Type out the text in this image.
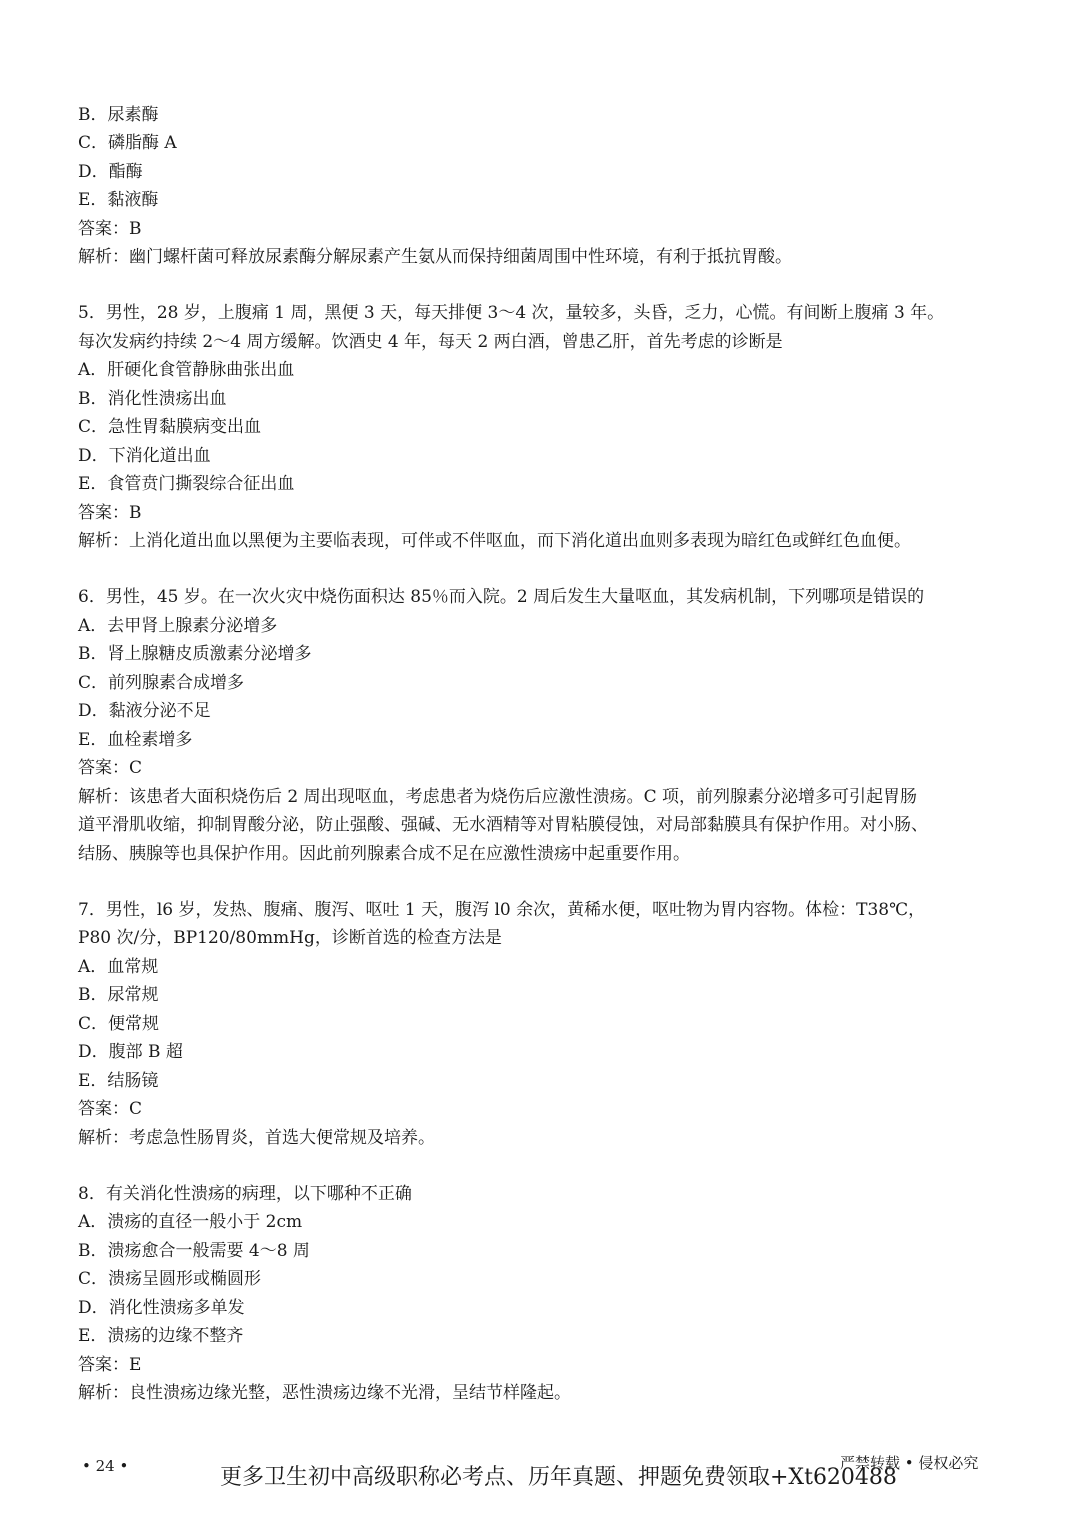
B．尿素酶
C．磷脂酶 A
D．酯酶
E．黏液酶
答案：B
解析：幽门螺杆菌可释放尿素酶分解尿素产生氨从而保持细菌周围中性环境，有利于抵抗胃酸。
5．男性，28 岁，上腹痛 1 周，黑便 3 天，每天排便 3～4 次，量较多，头昏，乏力，心慌。有间断上腹痛 3 年。
每次发病约持续 2～4 周方缓解。饮酒史 4 年，每天 2 两白酒，曾患乙肝，首先考虑的诊断是
A．肝硬化食管静脉曲张出血
B．消化性溃疡出血
C．急性胃黏膜病变出血
D．下消化道出血
E．食管贲门撕裂综合征出血
答案：B
解析：上消化道出血以黑便为主要临表现，可伴或不伴呕血，而下消化道出血则多表现为暗红色或鲜红色血便。
6．男性，45 岁。在一次火灾中烧伤面积达 85％而入院。2 周后发生大量呕血，其发病机制，下列哪项是错误的
A．去甲肾上腺素分泌增多
B．肾上腺糖皮质激素分泌增多
C．前列腺素合成增多
D．黏液分泌不足
E．血栓素增多
答案：C
解析：该患者大面积烧伤后 2 周出现呕血，考虑患者为烧伤后应激性溃疡。C 项，前列腺素分泌增多可引起胃肠
道平滑肌收缩，抑制胃酸分泌，防止强酸、强碱、无水酒精等对胃粘膜侵蚀，对局部黏膜具有保护作用。对小肠、
结肠、胰腺等也具保护作用。因此前列腺素合成不足在应激性溃疡中起重要作用。
7．男性，l6 岁，发热、腹痛、腹泻、呕吐 1 天，腹泻 l0 余次，黄稀水便，呕吐物为胃内容物。体检：T38℃，
P80 次/分，BP120/80mmHg，诊断首选的检查方法是
A．血常规
B．尿常规
C．便常规
D．腹部 B 超
E．结肠镜
答案：C
解析：考虑急性肠胃炎，首选大便常规及培养。
8．有关消化性溃疡的病理，以下哪种不正确
A．溃疡的直径一般小于 2cm
B．溃疡愈合一般需要 4～8 周
C．溃疡呈圆形或椭圆形
D．消化性溃疡多单发
E．溃疡的边缘不整齐
答案：E
解析：良性溃疡边缘光整，恶性溃疡边缘不光滑，呈结节样隆起。
• 24 •	更多卫生初中高级职称必考点、历年真题、押题免费领取+Xt620488
严禁转载 • 侵权必究
